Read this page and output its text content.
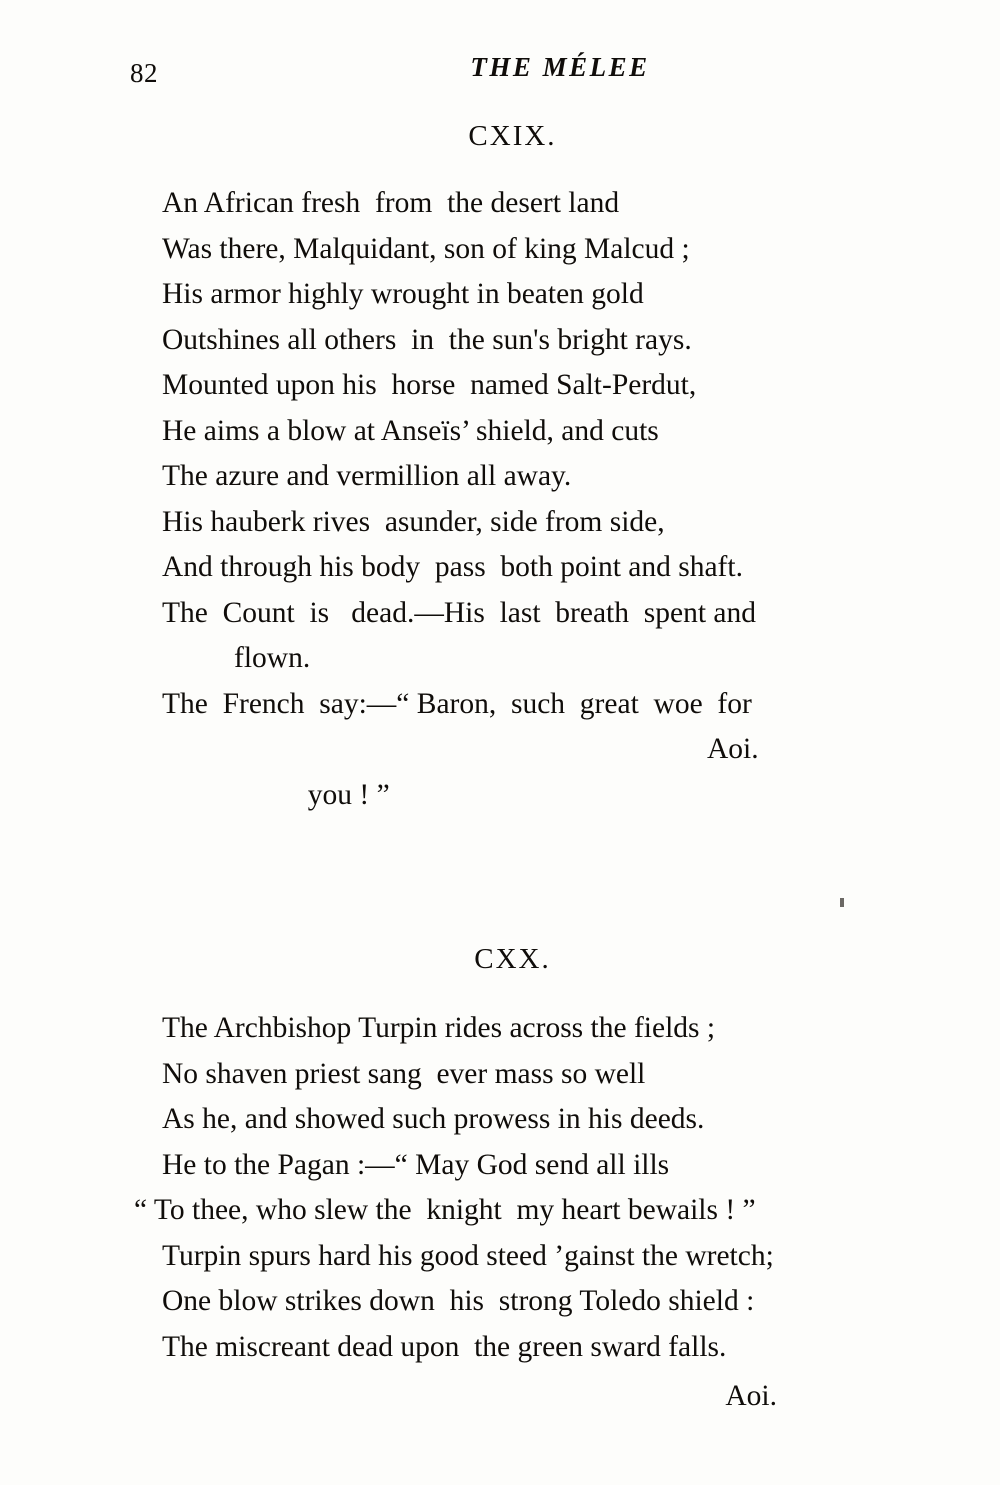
82	THE MÉLEE
CXIX.
An African fresh  from  the desert land
Was there, Malquidant, son of king Malcud ;
His armor highly wrought in beaten gold
Outshines all others  in  the sun's bright rays.
Mounted upon his  horse  named Salt-Perdut,
He aims a blow at Anseïs’ shield, and cuts
The azure and vermillion all away.
His hauberk rives  asunder, side from side,
And through his body  pass  both point and shaft.
The  Count  is   dead.—His  last  breath  spent and
flown.
The  French  say:—“ Baron,  such  great  woe  for

you ! ”

Aoi.

CXX.
The Archbishop Turpin rides across the fields ;
No shaven priest sang  ever mass so well
As he, and showed such prowess in his deeds.
He to the Pagan :—“ May God send all ills
“ To thee, who slew the  knight  my heart bewails ! ”
Turpin spurs hard his good steed ’gainst the wretch;
One blow strikes down  his  strong Toledo shield :
The miscreant dead upon  the green sward falls.
Aoi.
